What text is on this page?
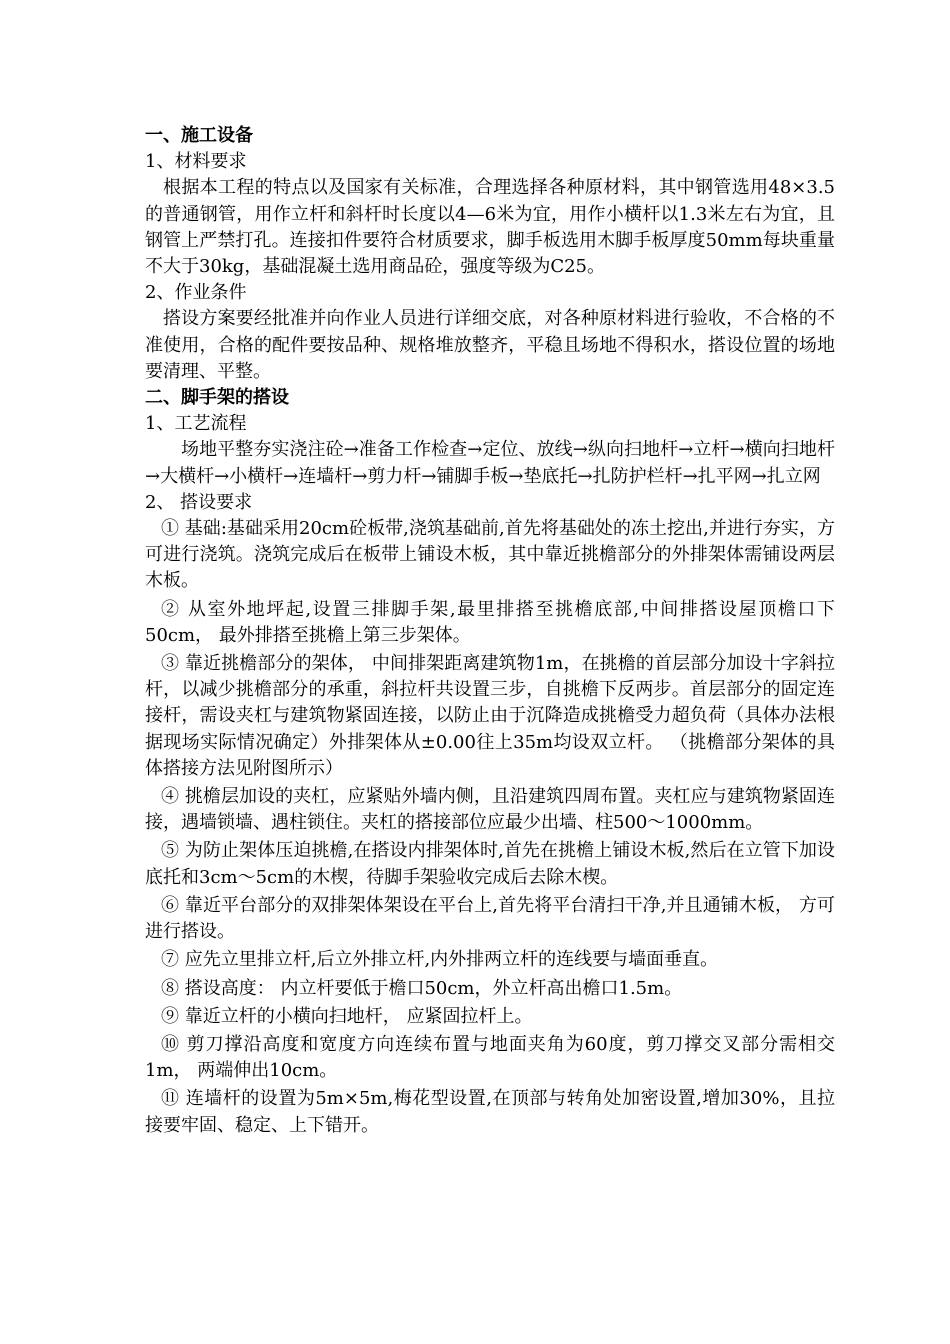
一、施工设备

1、材料要求

根据本工程的特点以及国家有关标准，合理选择各种原材料，其中钢管选用48×3.5的普通钢管，用作立杆和斜杆时长度以4—6米为宜，用作小横杆以1.3米左右为宜，且钢管上严禁打孔。连接扣件要符合材质要求，脚手板选用木脚手板厚度50mm每块重量不大于30kg，基础混凝土选用商品砼，强度等级为C25。

2、作业条件

搭设方案要经批准并向作业人员进行详细交底，对各种原材料进行验收，不合格的不准使用，合格的配件要按品种、规格堆放整齐，平稳且场地不得积水，搭设位置的场地要清理、平整。

二、脚手架的搭设

1、工艺流程

场地平整夯实浇注砼→准备工作检查→定位、放线→纵向扫地杆→立杆→横向扫地杆→大横杆→小横杆→连墙杆→剪力杆→铺脚手板→垫底托→扎防护栏杆→扎平网→扎立网

2、 搭设要求

① 基础:基础采用20cm砼板带,浇筑基础前,首先将基础处的冻土挖出,并进行夯实，方可进行浇筑。浇筑完成后在板带上铺设木板，其中靠近挑檐部分的外排架体需铺设两层木板。

② 从室外地坪起,设置三排脚手架,最里排搭至挑檐底部,中间排搭设屋顶檐口下50cm， 最外排搭至挑檐上第三步架体。

③ 靠近挑檐部分的架体， 中间排架距离建筑物1m，在挑檐的首层部分加设十字斜拉杆，以减少挑檐部分的承重，斜拉杆共设置三步，自挑檐下反两步。首层部分的固定连接杆，需设夹杠与建筑物紧固连接，以防止由于沉降造成挑檐受力超负荷（具体办法根据现场实际情况确定）外排架体从±0.00往上35m均设双立杆。 （挑檐部分架体的具体搭接方法见附图所示）

④ 挑檐层加设的夹杠，应紧贴外墙内侧，且沿建筑四周布置。夹杠应与建筑物紧固连接，遇墙锁墙、遇柱锁住。夹杠的搭接部位应最少出墙、柱500～1000mm。

⑤ 为防止架体压迫挑檐,在搭设内排架体时,首先在挑檐上铺设木板,然后在立管下加设底托和3cm～5cm的木楔，待脚手架验收完成后去除木楔。

⑥ 靠近平台部分的双排架体架设在平台上,首先将平台清扫干净,并且通铺木板， 方可进行搭设。

⑦ 应先立里排立杆,后立外排立杆,内外排两立杆的连线要与墙面垂直。

⑧ 搭设高度： 内立杆要低于檐口50cm，外立杆高出檐口1.5m。

⑨ 靠近立杆的小横向扫地杆， 应紧固拉杆上。

⑩ 剪刀撑沿高度和宽度方向连续布置与地面夹角为60度，剪刀撑交叉部分需相交1m， 两端伸出10cm。

⑪ 连墙杆的设置为5m×5m,梅花型设置,在顶部与转角处加密设置,增加30%，且拉接要牢固、稳定、上下错开。
